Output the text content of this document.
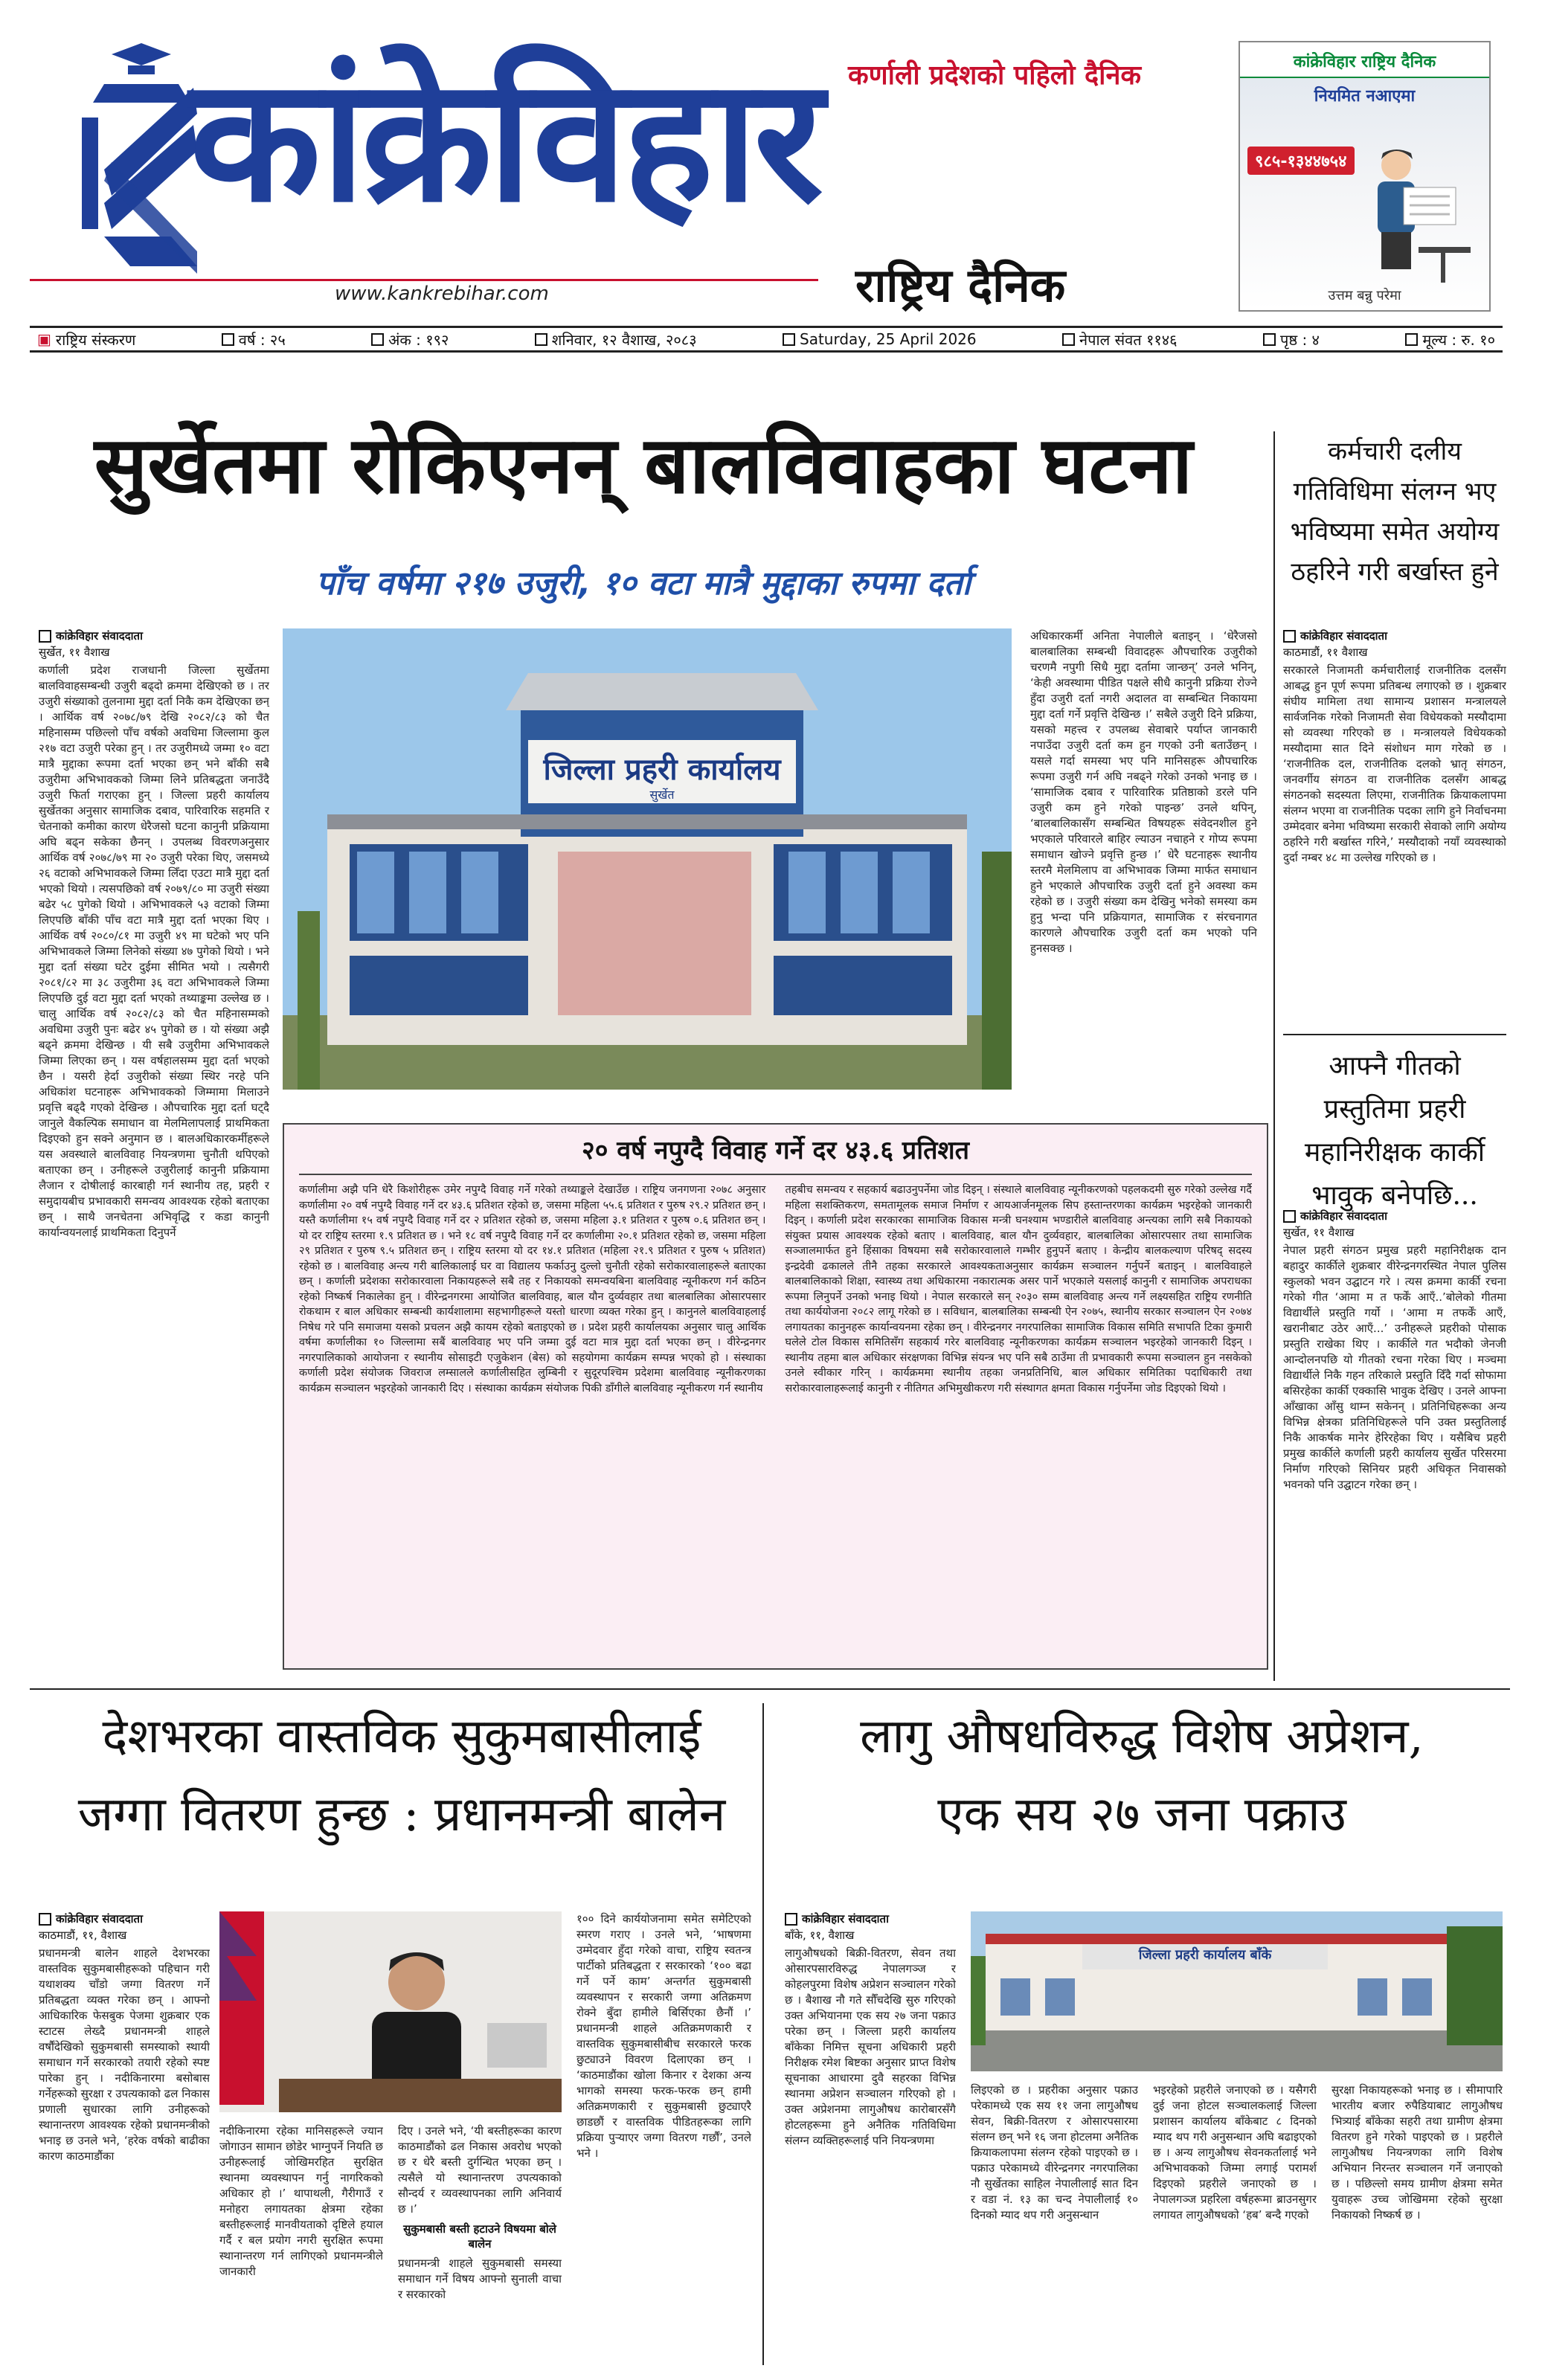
कर्णाली प्रदेशको पहिलो दैनिक
कांक्रेविहार
www.kankrebihar.com	राष्ट्रिय दैनिक
कांक्रेविहार राष्ट्रिय दैनिक
नियमित नआएमा
९८५-१३४४७५४
उत्तम बन्नु परेमा
▣ राष्ट्रिय संस्करण	वर्ष : २५	अंक : १९२	शनिवार, १२ वैशाख, २०८३	Saturday, 25 April 2026	नेपाल संवत ११४६	पृष्ठ : ४	मूल्य : रु. १०
सुर्खेतमा रोकिएनन् बालविवाहका घटना
पाँच वर्षमा २१७ उजुरी, १० वटा मात्रै मुद्दाका रुपमा दर्ता
कांक्रेविहार संवाददाता
सुर्खेत, ११ वैशाख
कर्णाली प्रदेश राजधानी जिल्ला सुर्खेतमा बालविवाहसम्बन्धी उजुरी बढ्दो क्रममा देखिएको छ । तर उजुरी संख्याको तुलनामा मुद्दा दर्ता निकै कम देखिएका छन् । आर्थिक वर्ष २०७८/७९ देखि २०८२/८३ को चैत महिनासम्म पछिल्लो पाँच वर्षको अवधिमा जिल्लामा कुल २१७ वटा उजुरी परेका हुन् । तर उजुरीमध्ये जम्मा १० वटा मात्रै मुद्दाका रूपमा दर्ता भएका छन् भने बाँकी सबै उजुरीमा अभिभावकको जिम्मा लिने प्रतिबद्धता जनाउँदै उजुरी फिर्ता गराएका हुन् । जिल्ला प्रहरी कार्यालय सुर्खेतका अनुसार सामाजिक दबाव, पारिवारिक सहमति र चेतनाको कमीका कारण धेरैजसो घटना कानुनी प्रक्रियामा अघि बढ्न सकेका छैनन् । उपलब्ध विवरणअनुसार आर्थिक वर्ष २०७८/७९ मा २० उजुरी परेका थिए, जसमध्ये २६ वटाको अभिभावकले जिम्मा लिँदा एउटा मात्रै मुद्दा दर्ता भएको थियो । त्यसपछिको वर्ष २०७९/८० मा उजुरी संख्या बढेर ५८ पुगेको थियो । अभिभावकले ५३ वटाको जिम्मा लिएपछि बाँकी पाँच वटा मात्रै मुद्दा दर्ता भएका थिए । आर्थिक वर्ष २०८०/८१ मा उजुरी ४९ मा घटेको भए पनि अभिभावकले जिम्मा लिनेको संख्या ४७ पुगेको थियो । भने मुद्दा दर्ता संख्या घटेर दुईमा सीमित भयो । त्यसैगरी २०८१/८२ मा ३८ उजुरीमा ३६ वटा अभिभावकले जिम्मा लिएपछि दुई वटा मुद्दा दर्ता भएको तथ्याङ्कमा उल्लेख छ । चालु आर्थिक वर्ष २०८२/८३ को चैत महिनासम्मको अवधिमा उजुरी पुनः बढेर ४५ पुगेको छ । यो संख्या अझै बढ्ने क्रममा देखिन्छ । यी सबै उजुरीमा अभिभावकले जिम्मा लिएका छन् । यस वर्षहालसम्म मुद्दा दर्ता भएको छैन । यसरी हेर्दा उजुरीको संख्या स्थिर नरहे पनि अधिकांश घटनाहरू अभिभावकको जिम्मामा मिलाउने प्रवृत्ति बढ्दै गएको देखिन्छ । औपचारिक मुद्दा दर्ता घट्दै जानुले वैकल्पिक समाधान वा मेलमिलापलाई प्राथमिकता दिइएको हुन सक्ने अनुमान छ । बालअधिकारकर्मीहरूले यस अवस्थाले बालविवाह नियन्त्रणमा चुनौती थपिएको बताएका छन् । उनीहरूले उजुरीलाई कानुनी प्रक्रियामा लैजान र दोषीलाई कारबाही गर्न स्थानीय तह, प्रहरी र समुदायबीच प्रभावकारी समन्वय आवश्यक रहेको बताएका छन् । साथै जनचेतना अभिवृद्धि र कडा कानुनी कार्यान्वयनलाई प्राथमिकता दिनुपर्ने
जिल्ला प्रहरी कार्यालय
सुर्खेत
अधिकारकर्मी अनिता नेपालीले बताइन् । ‘धेरैजसो बालबालिका सम्बन्धी विवादहरू औपचारिक उजुरीको चरणमै नपुगी सिधै मुद्दा दर्तामा जान्छन्’ उनले भनिन्, ‘केही अवस्थामा पीडित पक्षले सीधै कानुनी प्रक्रिया रोज्ने हुँदा उजुरी दर्ता नगरी अदालत वा सम्बन्धित निकायमा मुद्दा दर्ता गर्ने प्रवृत्ति देखिन्छ ।’ सबैले उजुरी दिने प्रक्रिया, यसको महत्त्व र उपलब्ध सेवाबारे पर्याप्त जानकारी नपाउँदा उजुरी दर्ता कम हुन गएको उनी बताउँछन् । यसले गर्दा समस्या भए पनि मानिसहरू औपचारिक रूपमा उजुरी गर्न अघि नबढ्ने गरेको उनको भनाइ छ । ‘सामाजिक दबाव र पारिवारिक प्रतिष्ठाको डरले पनि उजुरी कम हुने गरेको पाइन्छ’ उनले थपिन्, ‘बालबालिकासँग सम्बन्धित विषयहरू संवेदनशील हुने भएकाले परिवारले बाहिर ल्याउन नचाहने र गोप्य रूपमा समाधान खोज्ने प्रवृत्ति हुन्छ ।’ धेरै घटनाहरू स्थानीय स्तरमै मेलमिलाप वा अभिभावक जिम्मा मार्फत समाधान हुने भएकाले औपचारिक उजुरी दर्ता हुने अवस्था कम रहेको छ । उजुरी संख्या कम देखिनु भनेको समस्या कम हुनु भन्दा पनि प्रक्रियागत, सामाजिक र संरचनागत कारणले औपचारिक उजुरी दर्ता कम भएको पनि हुनसक्छ ।
२० वर्ष नपुग्दै विवाह गर्ने दर ४३.६ प्रतिशत
कर्णालीमा अझै पनि धेरै किशोरीहरू उमेर नपुग्दै विवाह गर्ने गरेको तथ्याङ्कले देखाउँछ । राष्ट्रिय जनगणना २०७८ अनुसार कर्णालीमा २० वर्ष नपुग्दै विवाह गर्ने दर ४३.६ प्रतिशत रहेको छ, जसमा महिला ५५.६ प्रतिशत र पुरुष २९.२ प्रतिशत छन् । यस्तै कर्णालीमा १५ वर्ष नपुग्दै विवाह गर्ने दर २ प्रतिशत रहेको छ, जसमा महिला ३.१ प्रतिशत र पुरुष ०.६ प्रतिशत छन् । यो दर राष्ट्रिय स्तरमा १.९ प्रतिशत छ । भने १८ वर्ष नपुग्दै विवाह गर्ने दर कर्णालीमा २०.१ प्रतिशत रहेको छ, जसमा महिला २९ प्रतिशत र पुरुष ९.५ प्रतिशत छन् । राष्ट्रिय स्तरमा यो दर १४.१ प्रतिशत (महिला २१.९ प्रतिशत र पुरुष ५ प्रतिशत) रहेको छ । बालविवाह अन्त्य गरी बालिकालाई घर वा विद्यालय फर्काउनु दुल्लो चुनौती रहेको सरोकारवालाहरूले बताएका छन् । कर्णाली प्रदेशका सरोकारवाला निकायहरूले सबै तह र निकायको समन्वयबिना बालविवाह न्यूनीकरण गर्न कठिन रहेको निष्कर्ष निकालेका हुन् । वीरेन्द्रनगरमा आयोजित बालविवाह, बाल यौन दुर्व्यवहार तथा बालबालिका ओसारपसार रोकथाम र बाल अधिकार सम्बन्धी कार्यशालामा सहभागीहरूले यस्तो धारणा व्यक्त गरेका हुन् । कानुनले बालविवाहलाई निषेध गरे पनि समाजमा यसको प्रचलन अझै कायम रहेको बताइएको छ । प्रदेश प्रहरी कार्यालयका अनुसार चालु आर्थिक वर्षमा कर्णालीका १० जिल्लामा सबैं बालविवाह भए पनि जम्मा दुई वटा मात्र मुद्दा दर्ता भएका छन् । वीरेन्द्रनगर नगरपालिकाको आयोजना र स्थानीय सोसाइटी एजुकेशन (बेस) को सहयोगमा कार्यक्रम सम्पन्न भएको हो । संस्थाका कर्णाली प्रदेश संयोजक जिवराज लम्सालले कर्णालीसहित लुम्बिनी र सुदूरपश्चिम प्रदेशमा बालविवाह न्यूनीकरणका कार्यक्रम सञ्चालन भइरहेको जानकारी दिए । संस्थाका कार्यक्रम संयोजक पिकी डाँगीले बालविवाह न्यूनीकरण गर्न स्थानीय
तहबीच समन्वय र सहकार्य बढाउनुपर्नेमा जोड दिइन् । संस्थाले बालविवाह न्यूनीकरणको पहलकदमी सुरु गरेको उल्लेख गर्दै महिला सशक्तिकरण, समतामूलक समाज निर्माण र आयआर्जनमूलक सिप हस्तान्तरणका कार्यक्रम भइरहेको जानकारी दिइन् । कर्णाली प्रदेश सरकारका सामाजिक विकास मन्त्री घनश्याम भण्डारीले बालविवाह अन्त्यका लागि सबै निकायको संयुक्त प्रयास आवश्यक रहेको बताए । बालविवाह, बाल यौन दुर्व्यवहार, बालबालिका ओसारपसार तथा सामाजिक सञ्जालमार्फत हुने हिंसाका विषयमा सबै सरोकारवालाले गम्भीर हुनुपर्ने बताए । केन्द्रीय बालकल्याण परिषद् सदस्य इन्द्रदेवी ढकालले तीनै तहका सरकारले आवश्यकताअनुसार कार्यक्रम सञ्चालन गर्नुपर्ने बताइन् । बालविवाहले बालबालिकाको शिक्षा, स्वास्थ्य तथा अधिकारमा नकारात्मक असर पार्ने भएकाले यसलाई कानुनी र सामाजिक अपराधका रूपमा लिनुपर्ने उनको भनाइ थियो । नेपाल सरकारले सन् २०३० सम्म बालविवाह अन्त्य गर्ने लक्ष्यसहित राष्ट्रिय रणनीति तथा कार्ययोजना २०८२ लागू गरेको छ । सविधान, बालबालिका सम्बन्धी ऐन २०७५, स्थानीय सरकार सञ्चालन ऐन २०७४ लगायतका कानुनहरू कार्यान्वयनमा रहेका छन् । वीरेन्द्रनगर नगरपालिका सामाजिक विकास समिति सभापति टिका कुमारी घलेले टोल विकास समितिसँग सहकार्य गरेर बालविवाह न्यूनीकरणका कार्यक्रम सञ्चालन भइरहेको जानकारी दिइन् । स्थानीय तहमा बाल अधिकार संरक्षणका विभिन्न संयन्त्र भए पनि सबै ठाउँमा ती प्रभावकारी रूपमा सञ्चालन हुन नसकेको उनले स्वीकार गरिन् । कार्यक्रममा स्थानीय तहका जनप्रतिनिधि, बाल अधिकार समितिका पदाधिकारी तथा सरोकारवालाहरूलाई कानुनी र नीतिगत अभिमुखीकरण गरी संस्थागत क्षमता विकास गर्नुपर्नेमा जोड दिइएको थियो ।
कर्मचारी दलीय गतिविधिमा संलग्न भए भविष्यमा समेत अयोग्य ठहरिने गरी बर्खास्त हुने
कांक्रेविहार संवाददाता
काठमाडौं, ११ वैशाख
सरकारले निजामती कर्मचारीलाई राजनीतिक दलसँग आबद्ध हुन पूर्ण रूपमा प्रतिबन्ध लगाएको छ । शुक्रबार संघीय मामिला तथा सामान्य प्रशासन मन्त्रालयले सार्वजनिक गरेको निजामती सेवा विधेयकको मस्यौदामा सो व्यवस्था गरिएको छ । मन्त्रालयले विधेयकको मस्यौदामा सात दिने संशोधन माग गरेको छ । ‘राजनीतिक दल, राजनीतिक दलको भ्रातृ संगठन, जनवर्गीय संगठन वा राजनीतिक दलसँग आबद्ध संगठनको सदस्यता लिएमा, राजनीतिक क्रियाकलापमा संलग्न भएमा वा राजनीतिक पदका लागि हुने निर्वाचनमा उम्मेदवार बनेमा भविष्यमा सरकारी सेवाको लागि अयोग्य ठहरिने गरी बर्खास्त गरिने,’ मस्यौदाको नयाँ व्यवस्थाको दुर्दा नम्बर ४८ मा उल्लेख गरिएको छ ।
आफ्नै गीतको प्रस्तुतिमा प्रहरी महानिरीक्षक कार्की भावुक बनेपछि...
कांक्रेविहार संवाददाता
सुर्खेत, ११ वैशाख
नेपाल प्रहरी संगठन प्रमुख प्रहरी महानिरीक्षक दान बहादुर कार्कीले शुक्रबार वीरेन्द्रनगरस्थित नेपाल पुलिस स्कुलको भवन उद्घाटन गरे । त्यस क्रममा कार्की रचना गरेको गीत ‘आमा म त फर्कें आएँ..’बोलेको गीतमा विद्यार्थीले प्रस्तुति गर्यो । ‘आमा म तफर्कें आएँ, खरानीबाट उठेर आएँ...’ उनीहरूले प्रहरीको पोसाक प्रस्तुति राखेका थिए । कार्कीले गत भदौको जेनजी आन्दोलनपछि यो गीतको रचना गरेका थिए । मञ्चमा विद्यार्थीले निकै गहन तरिकाले प्रस्तुति दिँदै गर्दा सोफामा बसिरहेका कार्की एक्कासि भावुक देखिए । उनले आफ्ना आँखाका आँसु थाम्न सकेनन् । प्रतिनिधिहरूका अन्य विभिन्न क्षेत्रका प्रतिनिधिहरूले पनि उक्त प्रस्तुतिलाई निकै आकर्षक मानेर हेरिरहेका थिए । यसैबिच प्रहरी प्रमुख कार्कीले कर्णाली प्रहरी कार्यालय सुर्खेत परिसरमा निर्माण गरिएको सिनियर प्रहरी अधिकृत निवासको भवनको पनि उद्घाटन गरेका छन् ।
देशभरका वास्तविक सुकुमबासीलाई
जग्गा वितरण हुन्छ : प्रधानमन्त्री बालेन
कांक्रेविहार संवाददाता
काठमाडौं, ११, वैशाख
प्रधानमन्त्री बालेन शाहले देशभरका वास्तविक सुकुमबासीहरूको पहिचान गरी यथाशक्य चाँडो जग्गा वितरण गर्ने प्रतिबद्धता व्यक्त गरेका छन् । आफ्नो आधिकारिक फेसबुक पेजमा शुक्रबार एक स्टाटस लेख्दै प्रधानमन्त्री शाहले वर्षौंदेखिको सुकुमबासी समस्याको स्थायी समाधान गर्ने सरकारको तयारी रहेको स्पष्ट पारेका हुन् । नदीकिनारमा बसोबास गर्नेहरूको सुरक्षा र उपत्यकाको ढल निकास प्रणाली सुधारका लागि उनीहरूको स्थानान्तरण आवश्यक रहेको प्रधानमन्त्रीको भनाइ छ उनले भने, ‘हरेक वर्षको बाढीका कारण काठमाडौंका
नदीकिनारमा रहेका मानिसहरूले ज्यान जोगाउन सामान छोडेर भाग्नुपर्ने नियति छ उनीहरूलाई जोखिमरहित सुरक्षित स्थानमा व्यवस्थापन गर्नु नागरिकको अधिकार हो ।’ थापाथली, गैरीगाउँ र मनोहरा लगायतका क्षेत्रमा रहेका बस्तीहरूलाई मानवीयताको दृष्टिले हयाल गर्दै र बल प्रयोग नगरी सुरक्षित रूपमा स्थानान्तरण गर्न लागिएको प्रधानमन्त्रीले जानकारी
दिए । उनले भने, ‘यी बस्तीहरूका कारण काठमाडौंको ढल निकास अवरोध भएको छ र धेरै बस्ती दुर्गन्धित भएका छन् । त्यसैले यो स्थानान्तरण उपत्यकाको सौन्दर्य र व्यवस्थापनका लागि अनिवार्य छ ।’
सुकुमबासी बस्ती हटाउने विषयमा बोले बालेन
प्रधानमन्त्री शाहले सुकुमबासी समस्या समाधान गर्ने विषय आफ्नो सुनाली वाचा र सरकारको
१०० दिने कार्ययोजनामा समेत समेटिएको स्मरण गराए । उनले भने, ‘भाषणमा उम्मेदवार हुँदा गरेको वाचा, राष्ट्रिय स्वतन्त्र पार्टीको प्रतिबद्धता र सरकारको ‘१०० बढा गर्ने पर्ने काम’ अन्तर्गत सुकुमबासी व्यवस्थापन र सरकारी जग्गा अतिक्रमण रोक्ने बुँदा हामीले बिर्सिएका छैनौं ।’ प्रधानमन्त्री शाहले अतिक्रमणकारी र वास्तविक सुकुमबासीबीच सरकारले फरक छुट्याउने विवरण दिलाएका छन् । ‘काठमाडौंका खोला किनार र देशका अन्य भागको समस्या फरक-फरक छन् हामी अतिक्रमणकारी र सुकुमबासी छुट्याएरै छाडछौं र वास्तविक पीडितहरूका लागि प्रक्रिया पुऱ्याएर जग्गा वितरण गर्छौं’, उनले भने ।
लागु औषधविरुद्ध विशेष अप्रेशन,
एक सय २७ जना पक्राउ
कांक्रेविहार संवाददाता
बाँके, ११, वैशाख
लागुऔषधको बिक्री-वितरण, सेवन तथा ओसारपसारविरुद्ध नेपालगञ्ज र कोहलपुरमा विशेष अप्रेशन सञ्चालन गरेको छ । बैशाख नौ गते सौँचदेखि सुरु गरिएको उक्त अभियानमा एक सय २७ जना पक्राउ परेका छन् । जिल्ला प्रहरी कार्यालय बाँकेका निमित्त सूचना अधिकारी प्रहरी निरीक्षक रमेश बिष्टका अनुसार प्राप्त विशेष सूचनाका आधारमा दुवै सहरका विभिन्न स्थानमा अप्रेशन सञ्चालन गरिएको हो । उक्त अप्रेशनमा लागुऔषध कारोबारसँगै होटलहरूमा हुने अनैतिक गतिविधिमा संलग्न व्यक्तिहरूलाई पनि नियन्त्रणमा
जिल्ला प्रहरी कार्यालय बाँके
लिइएको छ । प्रहरीका अनुसार पक्राउ परेकामध्ये एक सय ११ जना लागुऔषध सेवन, बिक्री-वितरण र ओसारपसारमा संलग्न छन् भने १६ जना होटलमा अनैतिक क्रियाकलापमा संलग्न रहेको पाइएको छ । पक्राउ परेकामध्ये वीरेन्द्रनगर नगरपालिका नौ सुर्खेतका साहिल नेपालीलाई सात दिन र वडा नं. १३ का चन्द नेपालीलाई १० दिनको म्याद थप गरी अनुसन्धान
भइरहेको प्रहरीले जनाएको छ । यसैगरी दुई जना होटल सञ्चालकलाई जिल्ला प्रशासन कार्यालय बाँकेबाट ८ दिनको म्याद थप गरी अनुसन्धान अघि बढाइएको छ । अन्य लागुऔषध सेवनकर्तालाई भने अभिभावकको जिम्मा लगाई परामर्श दिइएको प्रहरीले जनाएको छ । नेपालगञ्ज प्रहरिला वर्षहरूमा ब्राउनसुगर लगायत लागुऔषधको ‘हब’ बन्दै गएको
सुरक्षा निकायहरूको भनाइ छ । सीमापारि भारतीय बजार रुपैडियाबाट लागुऔषध भित्र्याई बाँकेका सहरी तथा ग्रामीण क्षेत्रमा वितरण हुने गरेको पाइएको छ । प्रहरीले लागुऔषध नियन्त्रणका लागि विशेष अभियान निरन्तर सञ्चालन गर्ने जनाएको छ । पछिल्लो समय ग्रामीण क्षेत्रमा समेत युवाहरू उच्च जोखिममा रहेको सुरक्षा निकायको निष्कर्ष छ ।
